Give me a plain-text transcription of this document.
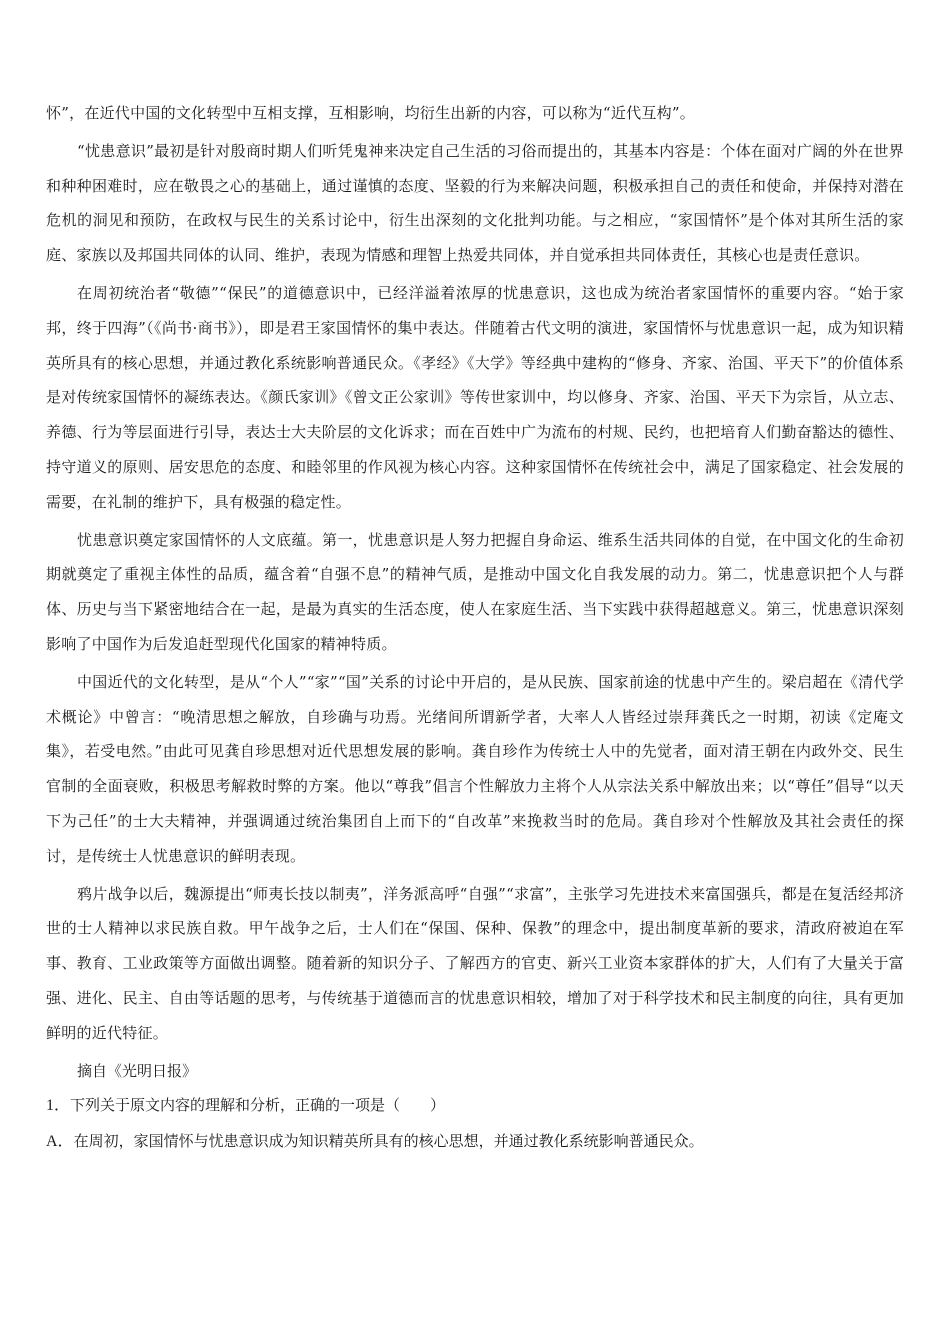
怀”，在近代中国的文化转型中互相支撑，互相影响，均衍生出新的内容，可以称为“近代互构”。

“忧患意识”最初是针对殷商时期人们听凭鬼神来决定自己生活的习俗而提出的，其基本内容是：个体在面对广阔的外在世界和种种困难时，应在敬畏之心的基础上，通过谨慎的态度、坚毅的行为来解决问题，积极承担自己的责任和使命，并保持对潜在危机的洞见和预防，在政权与民生的关系讨论中，衍生出深刻的文化批判功能。与之相应，“家国情怀”是个体对其所生活的家庭、家族以及邦国共同体的认同、维护，表现为情感和理智上热爱共同体，并自觉承担共同体责任，其核心也是责任意识。

在周初统治者“敬德”“保民”的道德意识中，已经洋溢着浓厚的忧患意识，这也成为统治者家国情怀的重要内容。“始于家邦，终于四海”（《尚书·商书》），即是君王家国情怀的集中表达。伴随着古代文明的演进，家国情怀与忧患意识一起，成为知识精英所具有的核心思想，并通过教化系统影响普通民众。《孝经》《大学》等经典中建构的“修身、齐家、治国、平天下”的价值体系是对传统家国情怀的凝练表达。《颜氏家训》《曾文正公家训》等传世家训中，均以修身、齐家、治国、平天下为宗旨，从立志、养德、行为等层面进行引导，表达士大夫阶层的文化诉求；而在百姓中广为流布的村规、民约，也把培育人们勤奋豁达的德性、持守道义的原则、居安思危的态度、和睦邻里的作风视为核心内容。这种家国情怀在传统社会中，满足了国家稳定、社会发展的需要，在礼制的维护下，具有极强的稳定性。

忧患意识奠定家国情怀的人文底蕴。第一，忧患意识是人努力把握自身命运、维系生活共同体的自觉，在中国文化的生命初期就奠定了重视主体性的品质，蕴含着“自强不息”的精神气质，是推动中国文化自我发展的动力。第二，忧患意识把个人与群体、历史与当下紧密地结合在一起，是最为真实的生活态度，使人在家庭生活、当下实践中获得超越意义。第三，忧患意识深刻影响了中国作为后发追赶型现代化国家的精神特质。

中国近代的文化转型，是从“个人”“家”“国”关系的讨论中开启的，是从民族、国家前途的忧患中产生的。梁启超在《清代学术概论》中曾言：“晚清思想之解放，自珍确与功焉。光绪间所谓新学者，大率人人皆经过崇拜龚氏之一时期，初读《定庵文集》，若受电然。”由此可见龚自珍思想对近代思想发展的影响。龚自珍作为传统士人中的先觉者，面对清王朝在内政外交、民生官制的全面衰败，积极思考解救时弊的方案。他以“尊我”倡言个性解放力主将个人从宗法关系中解放出来；以“尊任”倡导“以天下为己任”的士大夫精神，并强调通过统治集团自上而下的“自改革”来挽救当时的危局。龚自珍对个性解放及其社会责任的探讨，是传统士人忧患意识的鲜明表现。

鸦片战争以后，魏源提出“师夷长技以制夷”，洋务派高呼“自强”“求富”，主张学习先进技术来富国强兵，都是在复活经邦济世的士人精神以求民族自救。甲午战争之后，士人们在“保国、保种、保教”的理念中，提出制度革新的要求，清政府被迫在军事、教育、工业政策等方面做出调整。随着新的知识分子、了解西方的官吏、新兴工业资本家群体的扩大，人们有了大量关于富强、进化、民主、自由等话题的思考，与传统基于道德而言的忧患意识相较，增加了对于科学技术和民主制度的向往，具有更加鲜明的近代特征。

摘自《光明日报》

1．下列关于原文内容的理解和分析，正确的一项是（　　）

A．在周初，家国情怀与忧患意识成为知识精英所具有的核心思想，并通过教化系统影响普通民众。
